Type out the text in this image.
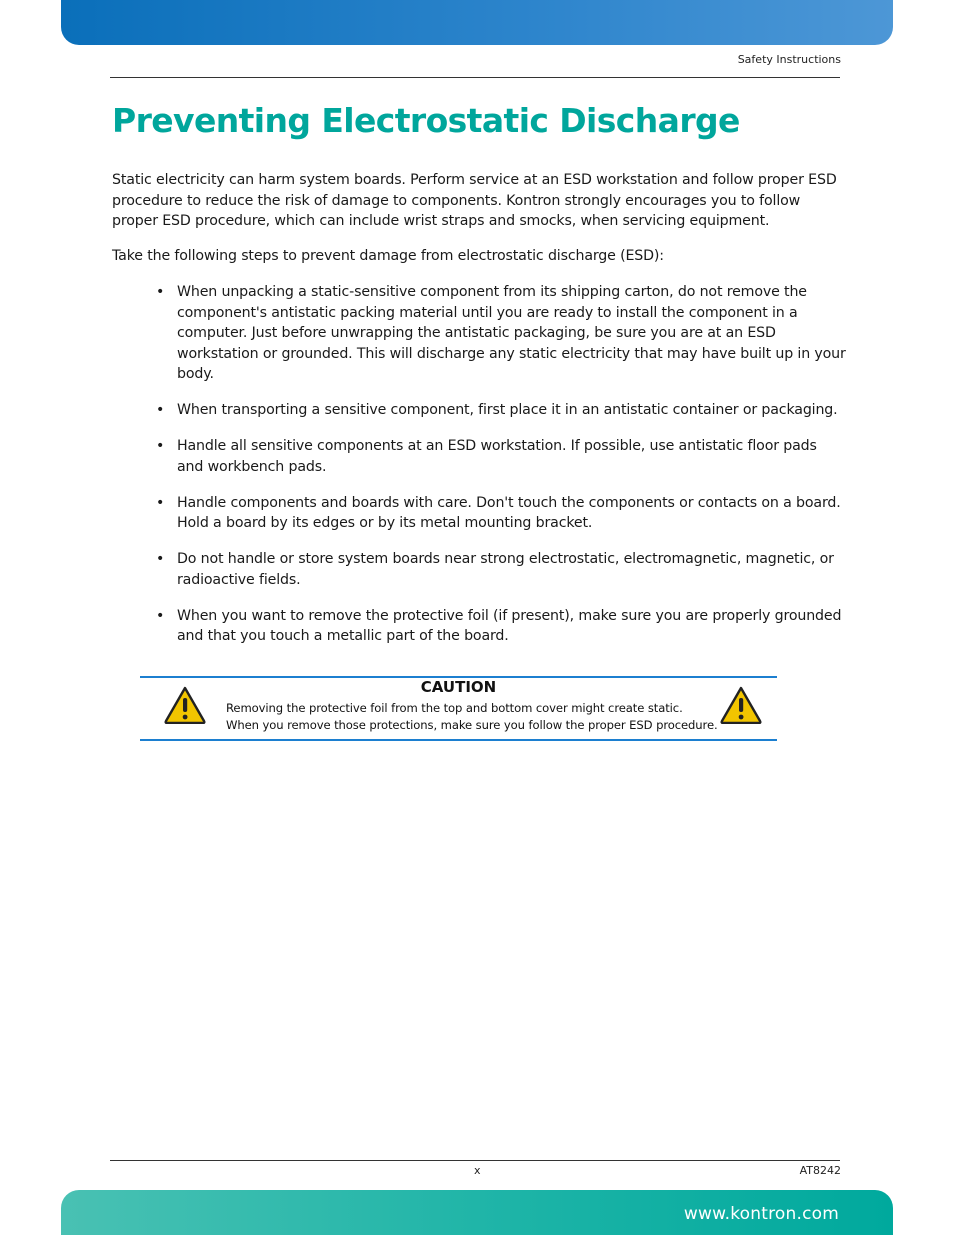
Safety Instructions
Preventing Electrostatic Discharge

Static electricity can harm system boards. Perform service at an ESD workstation and follow proper ESD procedure to reduce the risk of damage to components. Kontron strongly encourages you to follow proper ESD procedure, which can include wrist straps and smocks, when servicing equipment.

Take the following steps to prevent damage from electrostatic discharge (ESD):

• When unpacking a static-sensitive component from its shipping carton, do not remove the component's antistatic packing material until you are ready to install the component in a computer. Just before unwrapping the antistatic packaging, be sure you are at an ESD workstation or grounded. This will discharge any static electricity that may have built up in your body.
• When transporting a sensitive component, first place it in an antistatic container or packaging.
• Handle all sensitive components at an ESD workstation. If possible, use antistatic floor pads and workbench pads.
• Handle components and boards with care. Don't touch the components or contacts on a board. Hold a board by its edges or by its metal mounting bracket.
• Do not handle or store system boards near strong electrostatic, electromagnetic, magnetic, or radioactive fields.
• When you want to remove the protective foil (if present), make sure you are properly grounded and that you touch a metallic part of the board.
CAUTION
Removing the protective foil from the top and bottom cover might create static.
When you remove those protections, make sure you follow the proper ESD procedure.
x	AT8242
www.kontron.com
